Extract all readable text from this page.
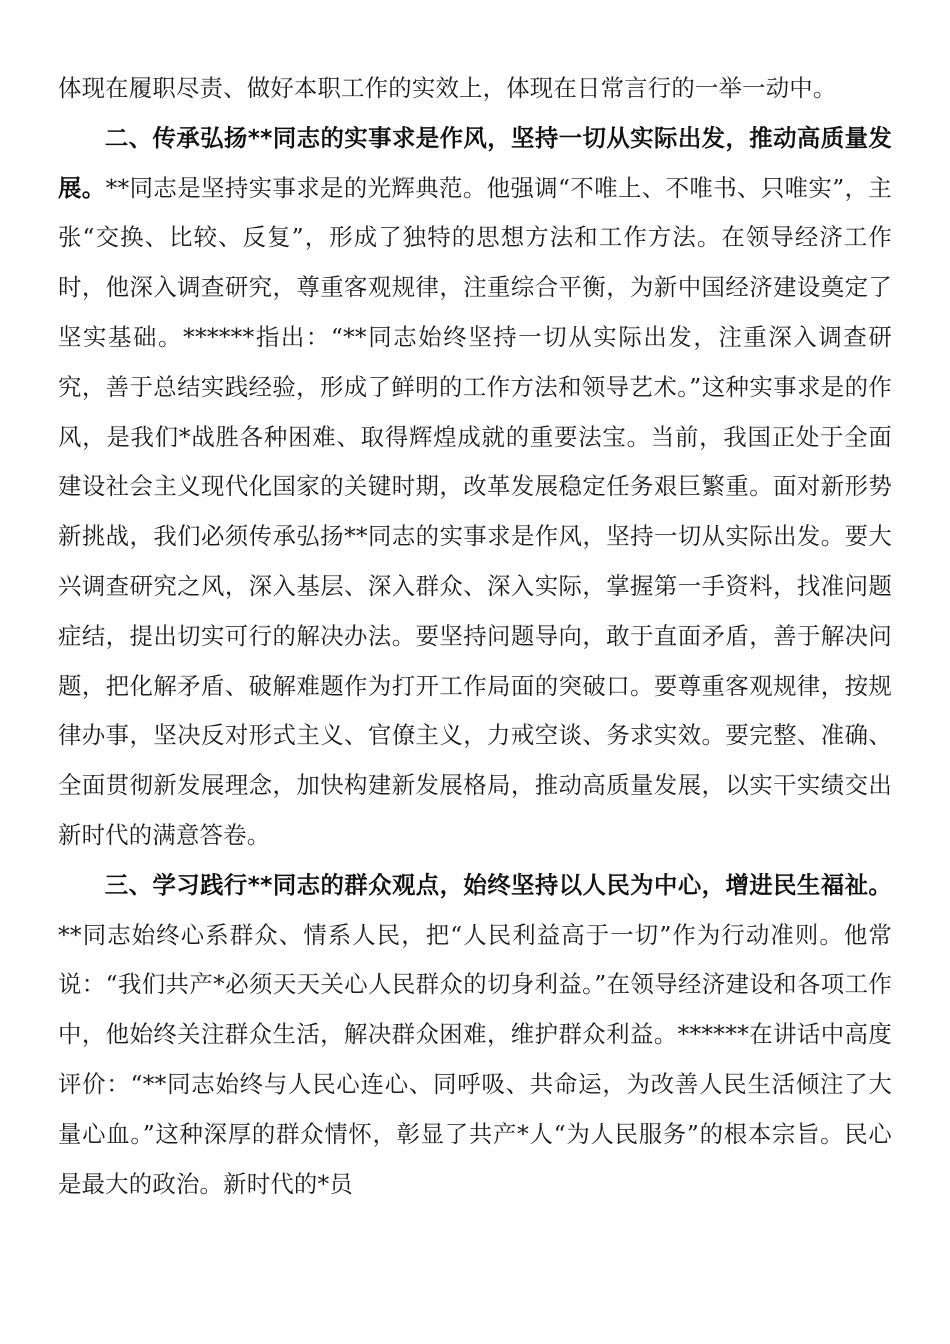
体现在履职尽责、做好本职工作的实效上，体现在日常言行的一举一动中。

二、传承弘扬**同志的实事求是作风，坚持一切从实际出发，推动高质量发展。**同志是坚持实事求是的光辉典范。他强调“不唯上、不唯书、只唯实”，主张“交换、比较、反复”，形成了独特的思想方法和工作方法。在领导经济工作时，他深入调查研究，尊重客观规律，注重综合平衡，为新中国经济建设奠定了坚实基础。******指出：“**同志始终坚持一切从实际出发，注重深入调查研究，善于总结实践经验，形成了鲜明的工作方法和领导艺术。”这种实事求是的作风，是我们*战胜各种困难、取得辉煌成就的重要法宝。当前，我国正处于全面建设社会主义现代化国家的关键时期，改革发展稳定任务艰巨繁重。面对新形势新挑战，我们必须传承弘扬**同志的实事求是作风，坚持一切从实际出发。要大兴调查研究之风，深入基层、深入群众、深入实际，掌握第一手资料，找准问题症结，提出切实可行的解决办法。要坚持问题导向，敢于直面矛盾，善于解决问题，把化解矛盾、破解难题作为打开工作局面的突破口。要尊重客观规律，按规律办事，坚决反对形式主义、官僚主义，力戒空谈、务求实效。要完整、准确、全面贯彻新发展理念，加快构建新发展格局，推动高质量发展，以实干实绩交出新时代的满意答卷。

三、学习践行**同志的群众观点，始终坚持以人民为中心，增进民生福祉。**同志始终心系群众、情系人民，把“人民利益高于一切”作为行动准则。他常说：“我们共产*必须天天关心人民群众的切身利益。”在领导经济建设和各项工作中，他始终关注群众生活，解决群众困难，维护群众利益。******在讲话中高度评价：“**同志始终与人民心连心、同呼吸、共命运，为改善人民生活倾注了大量心血。”这种深厚的群众情怀，彰显了共产*人“为人民服务”的根本宗旨。民心是最大的政治。新时代的*员
